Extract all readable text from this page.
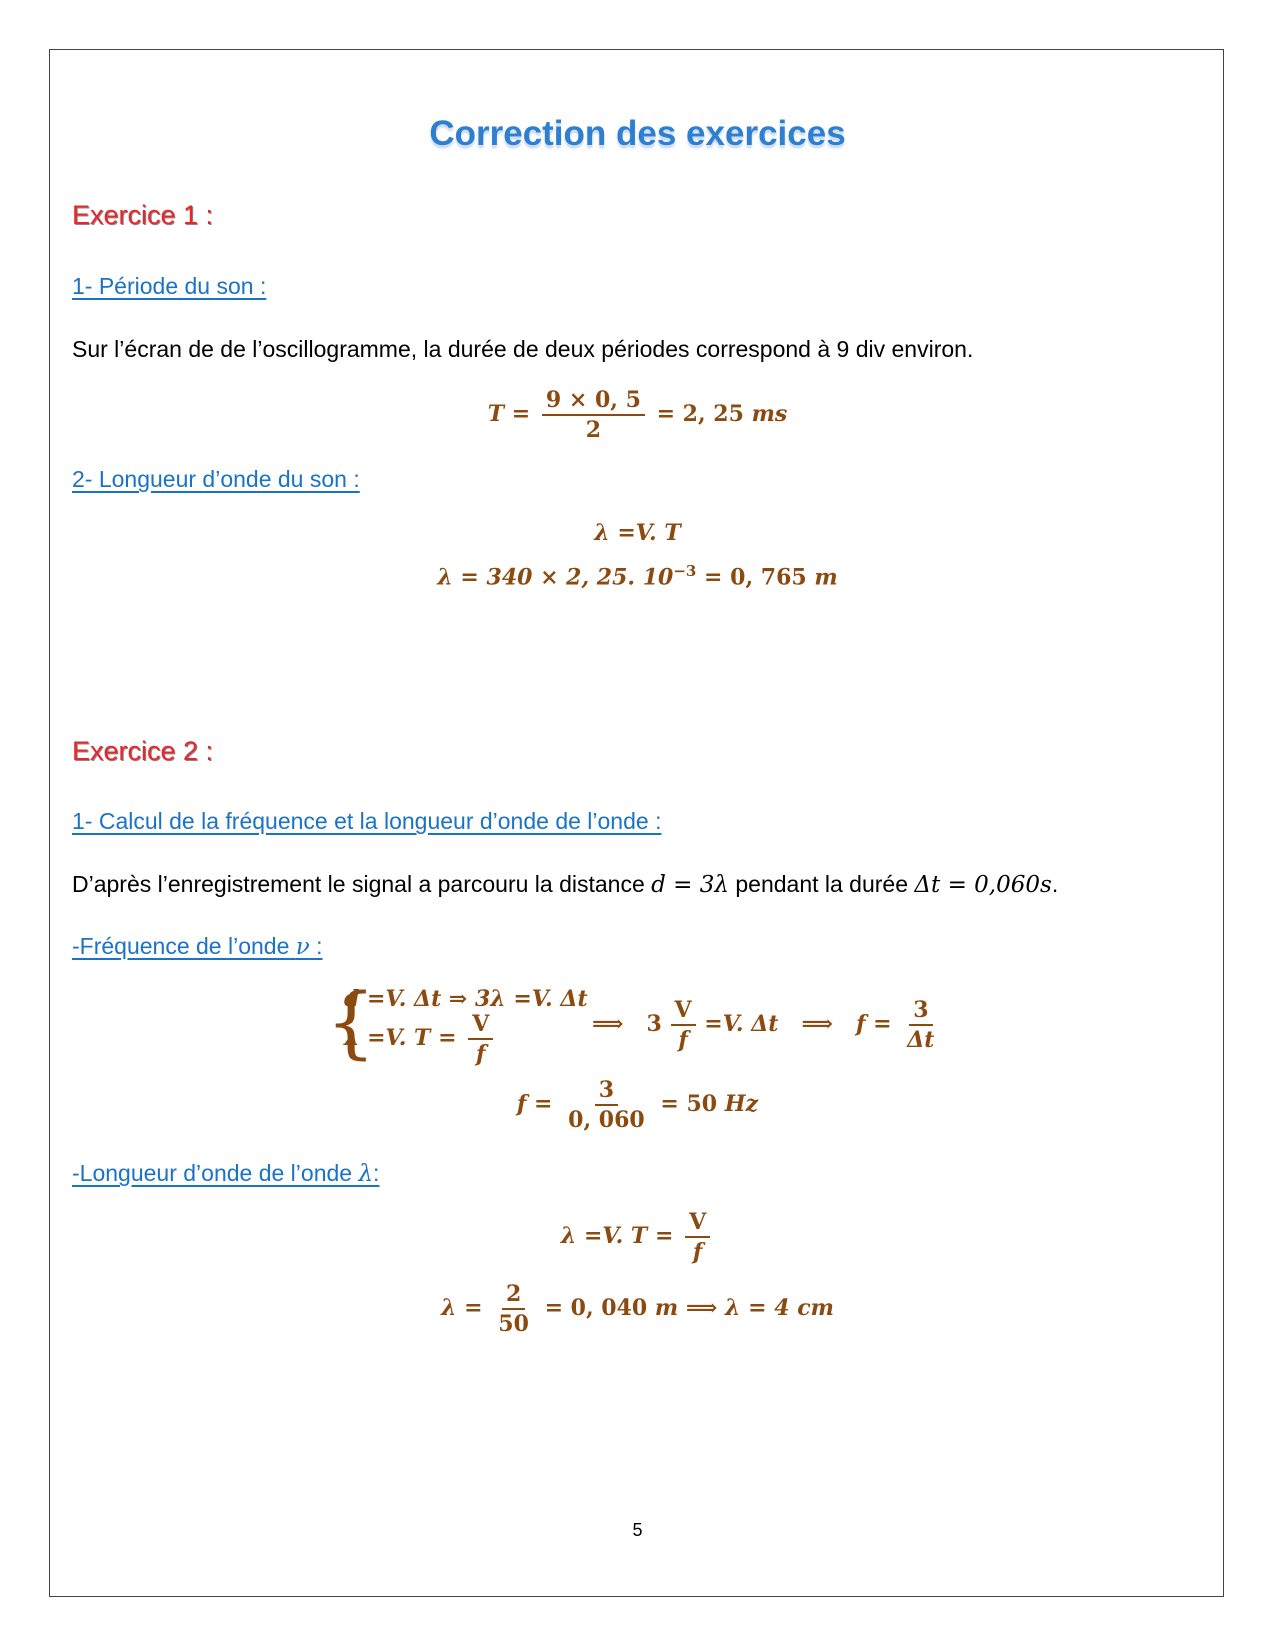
Correction des exercices
Exercice 1 :
1- Période du son :
Sur l’écran de de l’oscillogramme, la durée de deux périodes correspond à 9 div environ.
$T = \frac{9 \times 0, 5}{2} = 2$, 25 ms
2- Longueur d’onde du son :
λ =V. T
λ = 340 × 2, 25. $10^{-3} = 0$, 765 m
Exercice 2 :
1- Calcul de la fréquence et la longueur d’onde de l’onde :
D’après l’enregistrement le signal a parcouru la distance d = 3λ pendant la durée Δt = 0,060s.
-Fréquence de l’onde ν :
{
d =V. Δt ⇒ 3λ =V. Δt
λ =V. $T = \frac{V}{f}$	⟹ $3 \frac{V}{f} =V$. Δt ⟹ $f = \frac{3}{\Delta t}$
$f = \frac{3}{0, 060} = 50$ Hz
-Longueur d’onde de l’onde λ:
λ =V. $T = \frac{V}{f}$
$\lambda = \frac{2}{50} = 0$, 040 m ⟹ λ = 4 cm
5
